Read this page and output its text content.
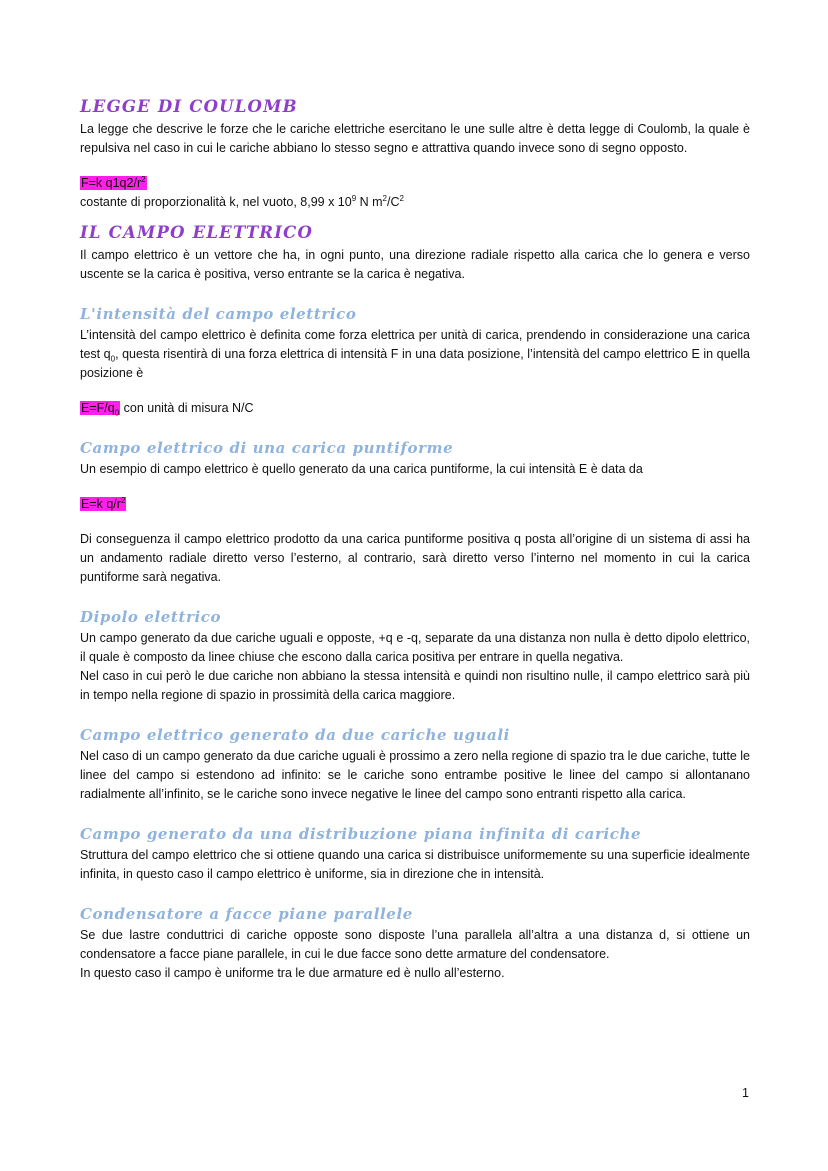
LEGGE DI COULOMB

La legge che descrive le forze che le cariche elettriche esercitano le une sulle altre è detta legge di Coulomb, la quale è repulsiva nel caso in cui le cariche abbiano lo stesso segno e attrattiva quando invece sono di segno opposto.

F=k $q1q2/r^2$
costante di proporzionalità k, nel vuoto, 8,99 x $10^9$ N $m^2/C^2$
IL CAMPO ELETTRICO

Il campo elettrico è un vettore che ha, in ogni punto, una direzione radiale rispetto alla carica che lo genera e verso uscente se la carica è positiva, verso entrante se la carica è negativa.

L'intensità del campo elettrico

L’intensità del campo elettrico è definita come forza elettrica per unità di carica, prendendo in considerazione una carica test $q_0$, questa risentirà di una forza elettrica di intensità F in una data posizione, l’intensità del campo elettrico E in quella posizione è

$E=F/q_0$ con unità di misura N/C
Campo elettrico di una carica puntiforme

Un esempio di campo elettrico è quello generato da una carica puntiforme, la cui intensità E è data da

E=k $q/r^2$

Di conseguenza il campo elettrico prodotto da una carica puntiforme positiva q posta all’origine di un sistema di assi ha un andamento radiale diretto verso l’esterno, al contrario, sarà diretto verso l’interno nel momento in cui la carica puntiforme sarà negativa.

Dipolo elettrico

Un campo generato da due cariche uguali e opposte, +q e -q, separate da una distanza non nulla è detto dipolo elettrico, il quale è composto da linee chiuse che escono dalla carica positiva per entrare in quella negativa.

Nel caso in cui però le due cariche non abbiano la stessa intensità e quindi non risultino nulle, il campo elettrico sarà più in tempo nella regione di spazio in prossimità della carica maggiore.

Campo elettrico generato da due cariche uguali

Nel caso di un campo generato da due cariche uguali è prossimo a zero nella regione di spazio tra le due cariche, tutte le linee del campo si estendono ad infinito: se le cariche sono entrambe positive le linee del campo si allontanano radialmente all’infinito, se le cariche sono invece negative le linee del campo sono entranti rispetto alla carica.

Campo generato da una distribuzione piana infinita di cariche

Struttura del campo elettrico che si ottiene quando una carica si distribuisce uniformemente su una superficie idealmente infinita, in questo caso il campo elettrico è uniforme, sia in direzione che in intensità.

Condensatore a facce piane parallele

Se due lastre conduttrici di cariche opposte sono disposte l’una parallela all’altra a una distanza d, si ottiene un condensatore a facce piane parallele, in cui le due facce sono dette armature del condensatore.

In questo caso il campo è uniforme tra le due armature ed è nullo all’esterno.

1
